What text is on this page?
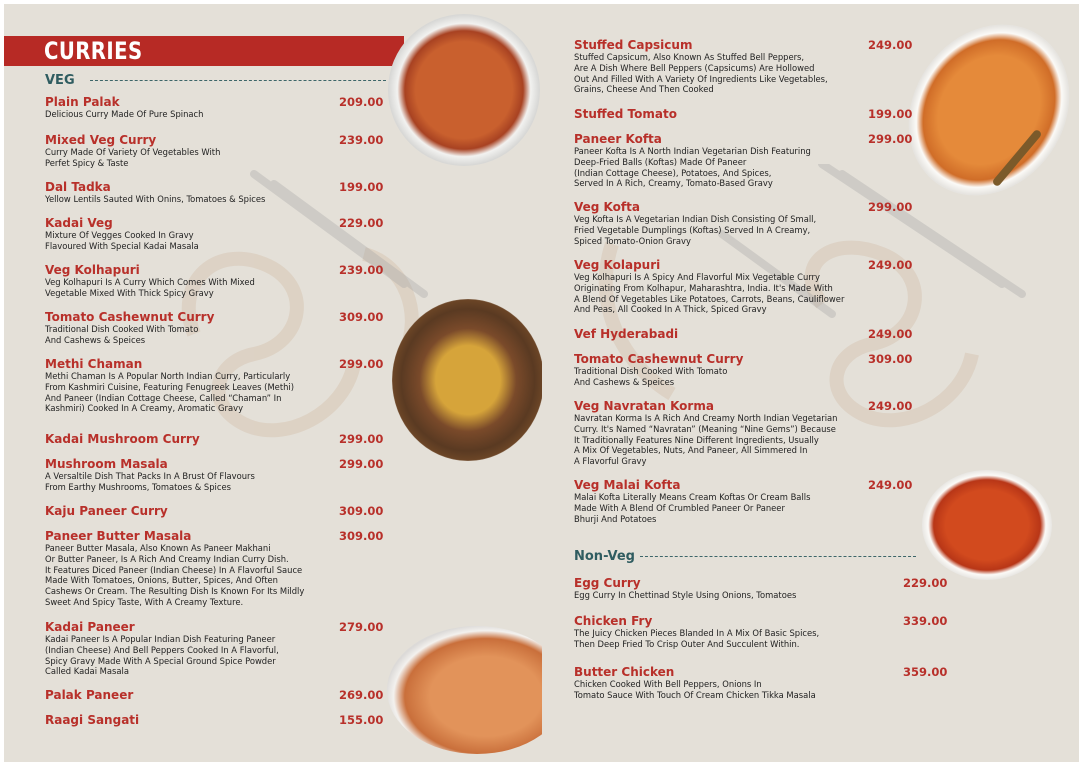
CURRIES
VEG
Plain Palak	209.00
Delicious Curry Made Of Pure Spinach
Mixed Veg Curry	239.00
Curry Made Of Variety Of Vegetables With
Perfet Spicy & Taste
Dal Tadka	199.00
Yellow Lentils Sauted With Onins, Tomatoes & Spices
Kadai Veg	229.00
Mixture Of Vegges Cooked In Gravy
Flavoured With Special Kadai Masala
Veg Kolhapuri	239.00
Veg Kolhapuri Is A Curry Which Comes With Mixed
Vegetable Mixed With Thick Spicy Gravy
Tomato Cashewnut Curry	309.00
Traditional Dish Cooked With Tomato
And Cashews & Speices
Methi Chaman	299.00
Methi Chaman Is A Popular North Indian Curry, Particularly
From Kashmiri Cuisine, Featuring Fenugreek Leaves (Methi)
And Paneer (Indian Cottage Cheese, Called “Chaman” In
Kashmiri) Cooked In A Creamy, Aromatic Gravy
Kadai Mushroom Curry	299.00
Mushroom Masala	299.00
A Versaltile Dish That Packs In A Brust Of Flavours
From Earthy Mushrooms, Tomatoes & Spices
Kaju Paneer Curry	309.00
Paneer Butter Masala	309.00
Paneer Butter Masala, Also Known As Paneer Makhani
Or Butter Paneer, Is A Rich And Creamy Indian Curry Dish.
It Features Diced Paneer (Indian Cheese) In A Flavorful Sauce
Made With Tomatoes, Onions, Butter, Spices, And Often
Cashews Or Cream. The Resulting Dish Is Known For Its Mildly
Sweet And Spicy Taste, With A Creamy Texture.
Kadai Paneer	279.00
Kadai Paneer Is A Popular Indian Dish Featuring Paneer
(Indian Cheese) And Bell Peppers Cooked In A Flavorful,
Spicy Gravy Made With A Special Ground Spice Powder
Called Kadai Masala
Palak Paneer	269.00
Raagi Sangati	155.00
Non-Veg
Stuffed Capsicum	249.00
Stuffed Capsicum, Also Known As Stuffed Bell Peppers,
Are A Dish Where Bell Peppers (Capsicums) Are Hollowed
Out And Filled With A Variety Of Ingredients Like Vegetables,
Grains, Cheese And Then Cooked
Stuffed Tomato	199.00
Paneer Kofta	299.00
Paneer Kofta Is A North Indian Vegetarian Dish Featuring
Deep-Fried Balls (Koftas) Made Of Paneer
(Indian Cottage Cheese), Potatoes, And Spices,
Served In A Rich, Creamy, Tomato-Based Gravy
Veg Kofta	299.00
Veg Kofta Is A Vegetarian Indian Dish Consisting Of Small,
Fried Vegetable Dumplings (Koftas) Served In A Creamy,
Spiced Tomato-Onion Gravy
Veg Kolapuri	249.00
Veg Kolhapuri Is A Spicy And Flavorful Mix Vegetable Curry
Originating From Kolhapur, Maharashtra, India. It's Made With
A Blend Of Vegetables Like Potatoes, Carrots, Beans, Cauliflower
And Peas, All Cooked In A Thick, Spiced Gravy
Vef Hyderabadi	249.00
Tomato Cashewnut Curry	309.00
Traditional Dish Cooked With Tomato
And Cashews & Speices
Veg Navratan Korma	249.00
Navratan Korma Is A Rich And Creamy North Indian Vegetarian
Curry. It's Named “Navratan” (Meaning “Nine Gems”) Because
It Traditionally Features Nine Different Ingredients, Usually
A Mix Of Vegetables, Nuts, And Paneer, All Simmered In
A Flavorful Gravy
Veg Malai Kofta	249.00
Malai Kofta Literally Means Cream Koftas Or Cream Balls
Made With A Blend Of Crumbled Paneer Or Paneer
Bhurji And Potatoes
Egg Curry	229.00
Egg Curry In Chettinad Style Using Onions, Tomatoes
Chicken Fry	339.00
The Juicy Chicken Pieces Blanded In A Mix Of Basic Spices,
Then Deep Fried To Crisp Outer And Succulent Within.
Butter Chicken	359.00
Chicken Cooked With Bell Peppers, Onions In
Tomato Sauce With Touch Of Cream Chicken Tikka Masala
